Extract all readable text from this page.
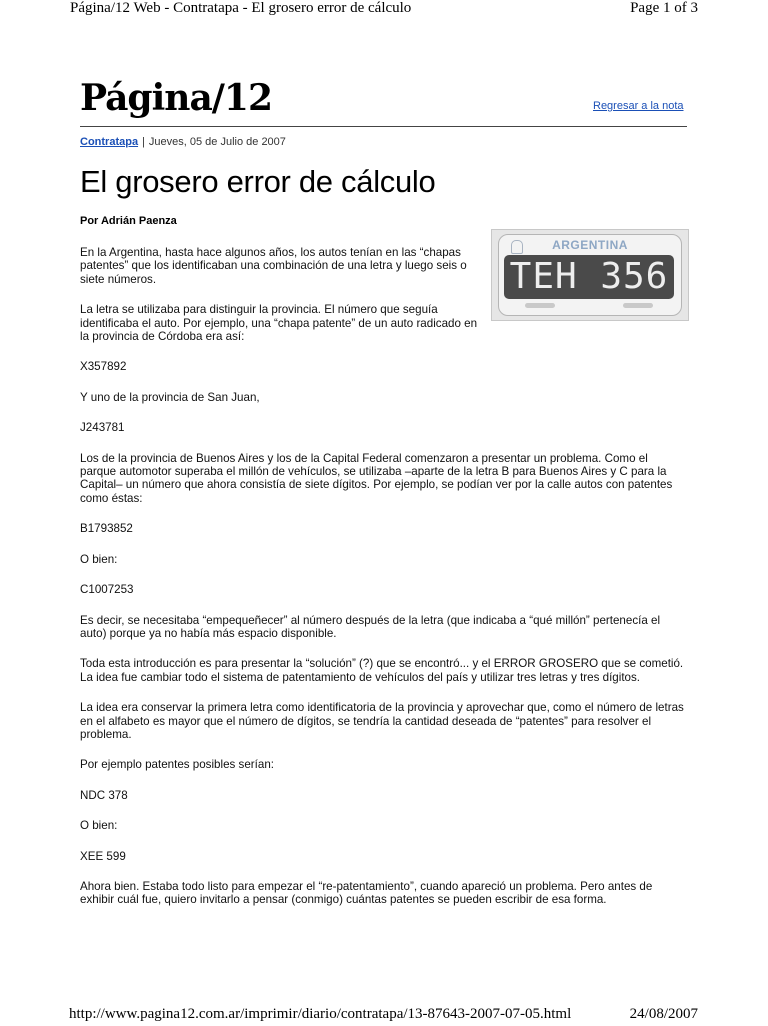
Página/12 Web - Contratapa - El grosero error de cálculo	Page 1 of 3
Página/12	Regresar a la nota
Contratapa | Jueves, 05 de Julio de 2007
El grosero error de cálculo
Por Adrián Paenza
ARGENTINA
TEH 356

En la Argentina, hasta hace algunos años, los autos tenían en las “chapas patentes” que los identificaban una combinación de una letra y luego seis o siete números.

La letra se utilizaba para distinguir la provincia. El número que seguía identificaba el auto. Por ejemplo, una “chapa patente” de un auto radicado en la provincia de Córdoba era así:

X357892

Y uno de la provincia de San Juan,

J243781

Los de la provincia de Buenos Aires y los de la Capital Federal comenzaron a presentar un problema. Como el parque automotor superaba el millón de vehículos, se utilizaba –aparte de la letra B para Buenos Aires y C para la Capital– un número que ahora consistía de siete dígitos. Por ejemplo, se podían ver por la calle autos con patentes como éstas:

B1793852

O bien:

C1007253

Es decir, se necesitaba “empequeñecer” al número después de la letra (que indicaba a “qué millón” pertenecía el auto) porque ya no había más espacio disponible.

Toda esta introducción es para presentar la “solución” (?) que se encontró... y el ERROR GROSERO que se cometió. La idea fue cambiar todo el sistema de patentamiento de vehículos del país y utilizar tres letras y tres dígitos.

La idea era conservar la primera letra como identificatoria de la provincia y aprovechar que, como el número de letras en el alfabeto es mayor que el número de dígitos, se tendría la cantidad deseada de “patentes” para resolver el problema.

Por ejemplo patentes posibles serían:

NDC 378

O bien:

XEE 599

Ahora bien. Estaba todo listo para empezar el “re-patentamiento”, cuando apareció un problema. Pero antes de exhibir cuál fue, quiero invitarlo a pensar (conmigo) cuántas patentes se pueden escribir de esa forma.

http://www.pagina12.com.ar/imprimir/diario/contratapa/13-87643-2007-07-05.html	24/08/2007
